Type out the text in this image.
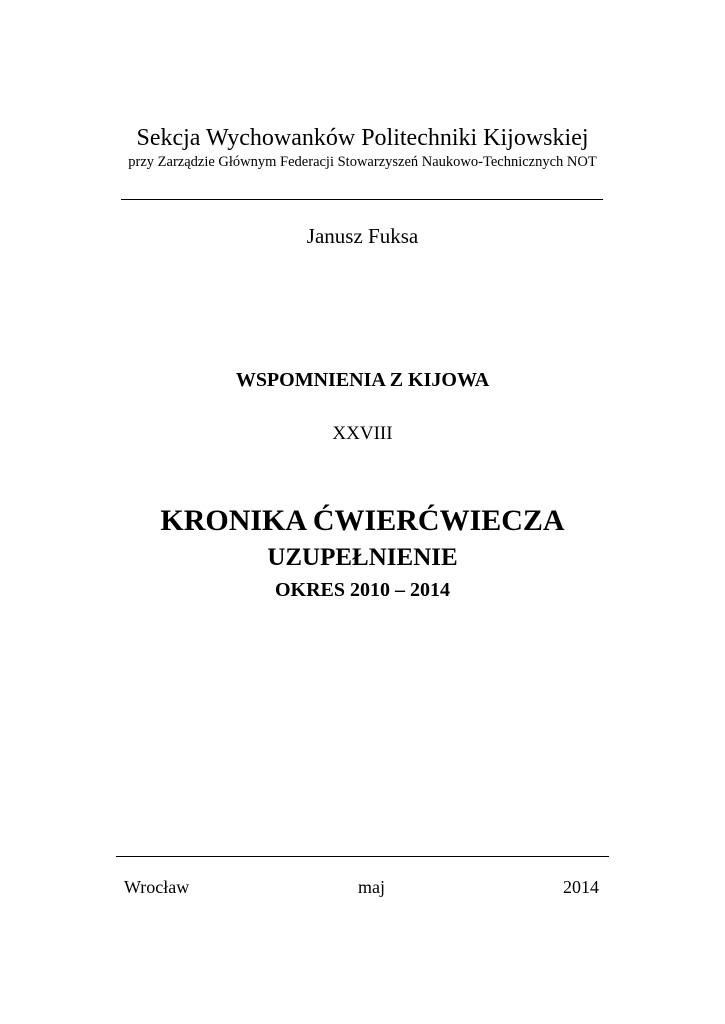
Sekcja Wychowanków Politechniki Kijowskiej
przy Zarządzie Głównym Federacji Stowarzyszeń Naukowo-Technicznych NOT
Janusz Fuksa
WSPOMNIENIA Z KIJOWA
XXVIII
KRONIKA ĆWIERĆWIECZA
UZUPEŁNIENIE
OKRES 2010 – 2014
Wrocław	maj	2014
